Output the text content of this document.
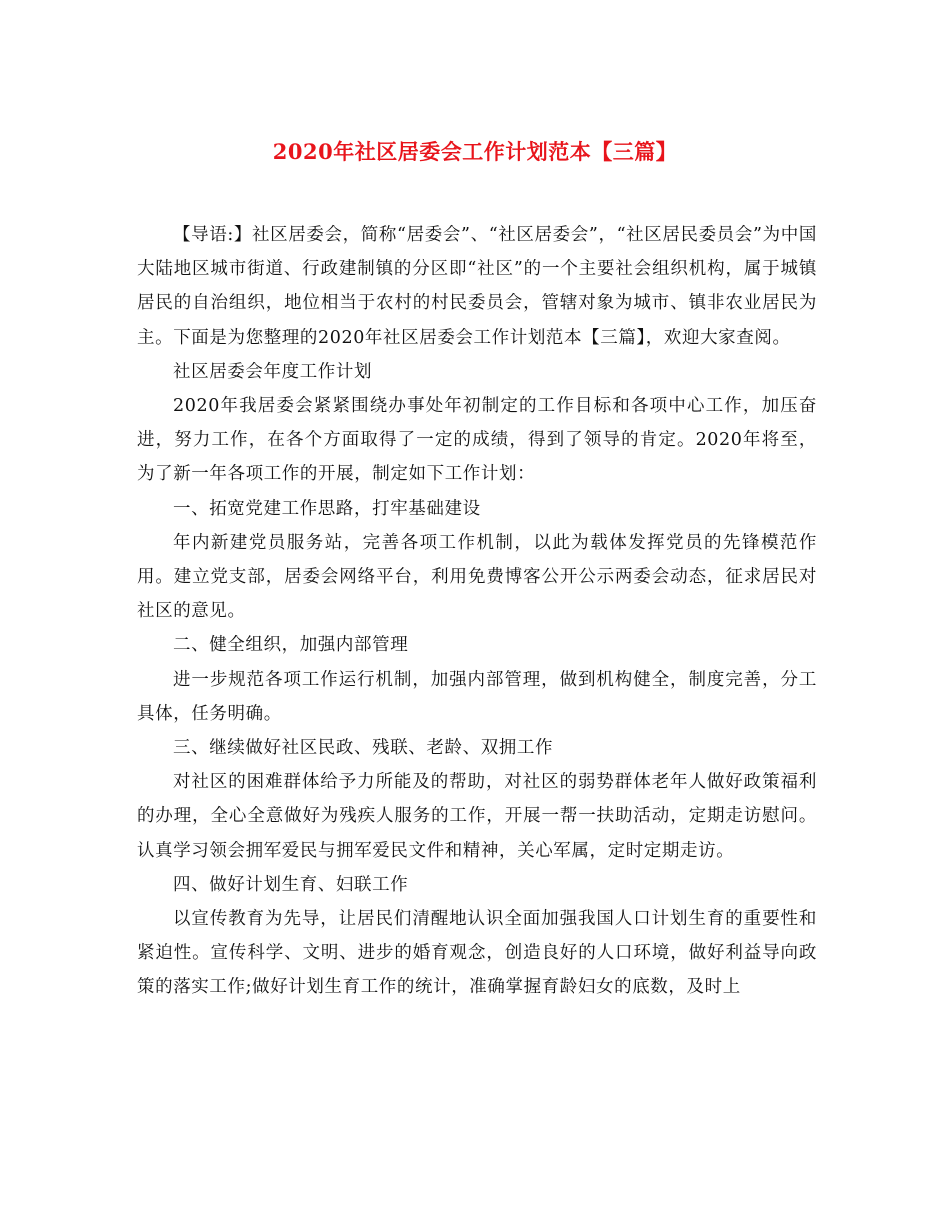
2020年社区居委会工作计划范本【三篇】

【导语:】社区居委会，简称“居委会”、“社区居委会”，“社区居民委员会”为中国大陆地区城市街道、行政建制镇的分区即“社区”的一个主要社会组织机构，属于城镇居民的自治组织，地位相当于农村的村民委员会，管辖对象为城市、镇非农业居民为主。下面是为您整理的2020年社区居委会工作计划范本【三篇】，欢迎大家查阅。

社区居委会年度工作计划

2020年我居委会紧紧围绕办事处年初制定的工作目标和各项中心工作，加压奋进，努力工作，在各个方面取得了一定的成绩，得到了领导的肯定。2020年将至，为了新一年各项工作的开展，制定如下工作计划：

一、拓宽党建工作思路，打牢基础建设

年内新建党员服务站，完善各项工作机制，以此为载体发挥党员的先锋模范作用。建立党支部，居委会网络平台，利用免费博客公开公示两委会动态，征求居民对社区的意见。

二、健全组织，加强内部管理

进一步规范各项工作运行机制，加强内部管理，做到机构健全，制度完善，分工具体，任务明确。

三、继续做好社区民政、残联、老龄、双拥工作

对社区的困难群体给予力所能及的帮助，对社区的弱势群体老年人做好政策福利的办理，全心全意做好为残疾人服务的工作，开展一帮一扶助活动，定期走访慰问。认真学习领会拥军爱民与拥军爱民文件和精神，关心军属，定时定期走访。

四、做好计划生育、妇联工作

以宣传教育为先导，让居民们清醒地认识全面加强我国人口计划生育的重要性和紧迫性。宣传科学、文明、进步的婚育观念，创造良好的人口环境，做好利益导向政策的落实工作;做好计划生育工作的统计，准确掌握育龄妇女的底数，及时上
